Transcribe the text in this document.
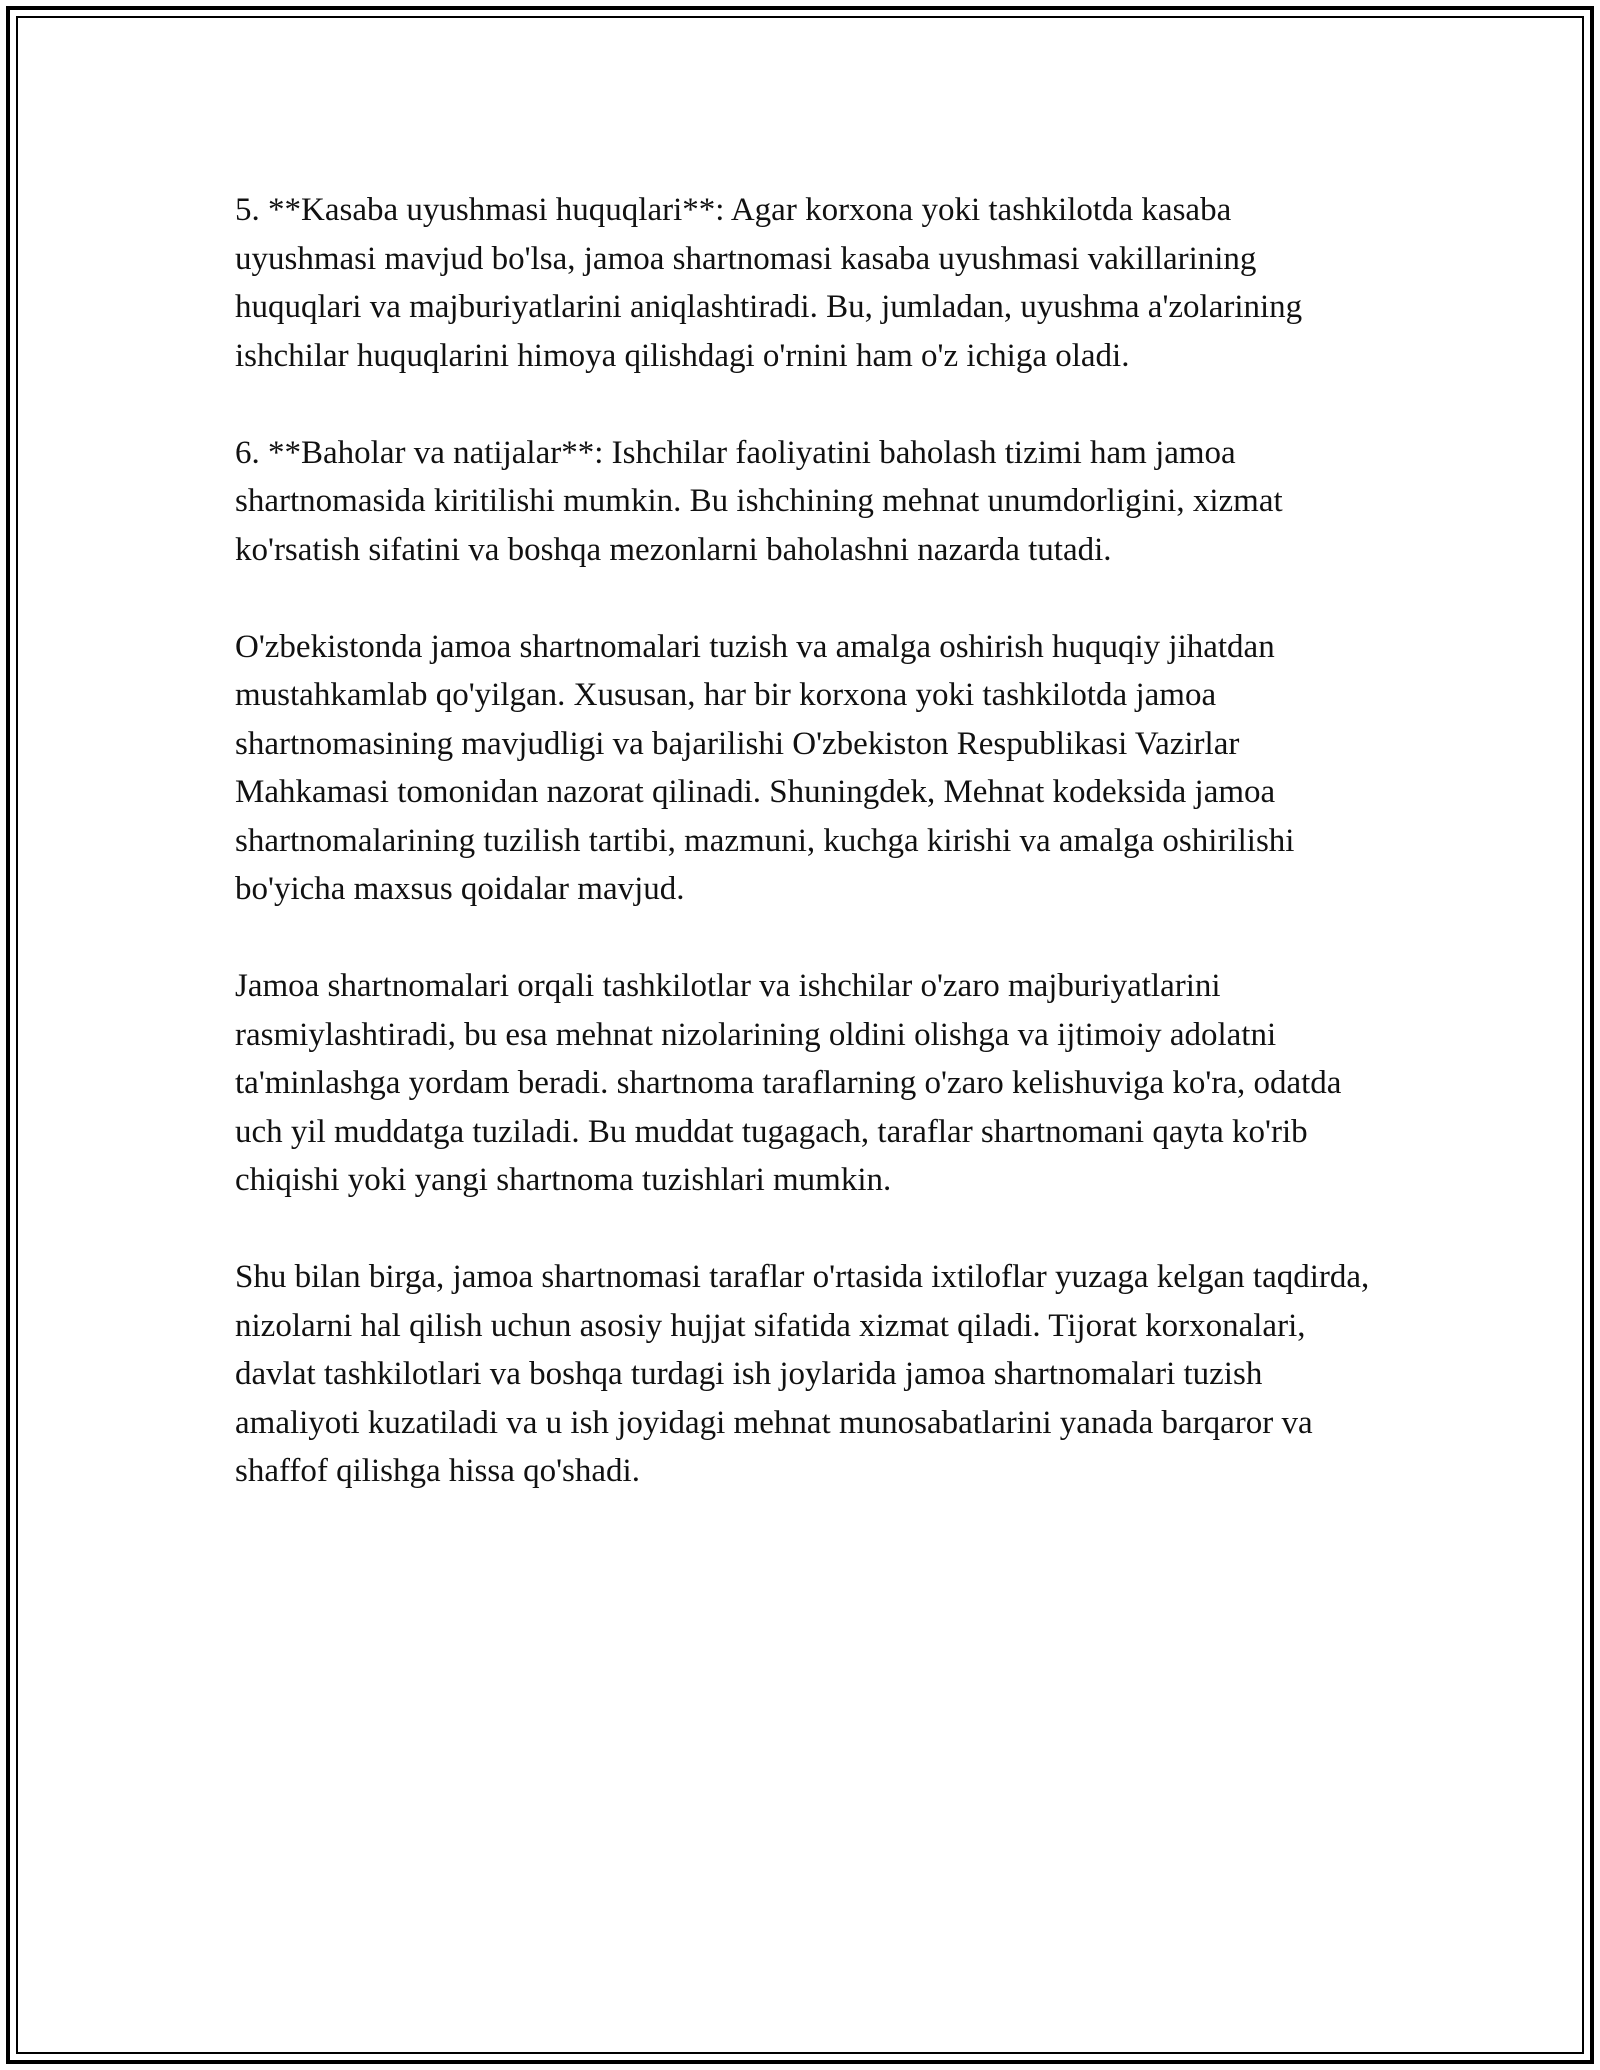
5. **Kasaba uyushmasi huquqlari**: Agar korxona yoki tashkilotda kasaba uyushmasi mavjud bo'lsa, jamoa shartnomasi kasaba uyushmasi vakillarining huquqlari va majburiyatlarini aniqlashtiradi. Bu, jumladan, uyushma a'zolarining ishchilar huquqlarini himoya qilishdagi o'rnini ham o'z ichiga oladi.

6. **Baholar va natijalar**: Ishchilar faoliyatini baholash tizimi ham jamoa shartnomasida kiritilishi mumkin. Bu ishchining mehnat unumdorligini, xizmat ko'rsatish sifatini va boshqa mezonlarni baholashni nazarda tutadi.

O'zbekistonda jamoa shartnomalari tuzish va amalga oshirish huquqiy jihatdan mustahkamlab qo'yilgan. Xususan, har bir korxona yoki tashkilotda jamoa shartnomasining mavjudligi va bajarilishi O'zbekiston Respublikasi Vazirlar Mahkamasi tomonidan nazorat qilinadi. Shuningdek, Mehnat kodeksida jamoa shartnomalarining tuzilish tartibi, mazmuni, kuchga kirishi va amalga oshirilishi bo'yicha maxsus qoidalar mavjud.

Jamoa shartnomalari orqali tashkilotlar va ishchilar o'zaro majburiyatlarini rasmiylashtiradi, bu esa mehnat nizolarining oldini olishga va ijtimoiy adolatni ta'minlashga yordam beradi. shartnoma taraflarning o'zaro kelishuviga ko'ra, odatda uch yil muddatga tuziladi. Bu muddat tugagach, taraflar shartnomani qayta ko'rib chiqishi yoki yangi shartnoma tuzishlari mumkin.

Shu bilan birga, jamoa shartnomasi taraflar o'rtasida ixtiloflar yuzaga kelgan taqdirda, nizolarni hal qilish uchun asosiy hujjat sifatida xizmat qiladi. Tijorat korxonalari, davlat tashkilotlari va boshqa turdagi ish joylarida jamoa shartnomalari tuzish amaliyoti kuzatiladi va u ish joyidagi mehnat munosabatlarini yanada barqaror va shaffof qilishga hissa qo'shadi.
